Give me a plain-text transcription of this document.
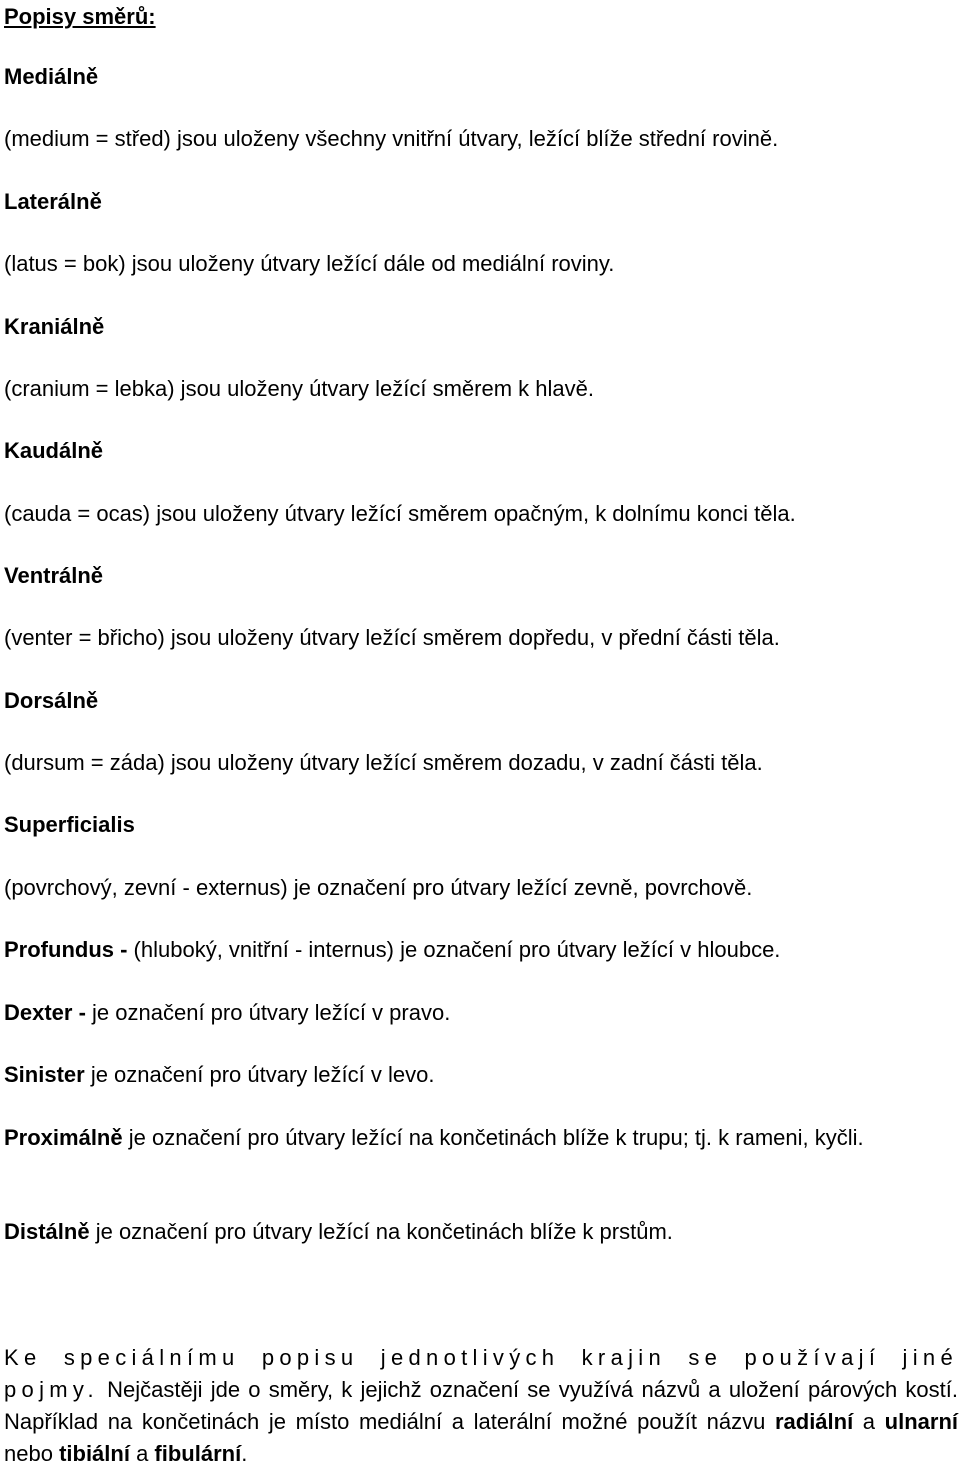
Popisy směrů:
Mediálně
(medium = střed) jsou uloženy všechny vnitřní útvary, ležící blíže střední rovině.
Laterálně
(latus = bok) jsou uloženy útvary ležící dále od mediální roviny.
Kraniálně
(cranium = lebka) jsou uloženy útvary ležící směrem k hlavě.
Kaudálně
(cauda = ocas) jsou uloženy útvary ležící směrem opačným, k dolnímu konci těla.
Ventrálně
(venter = břicho) jsou uloženy útvary ležící směrem dopředu, v přední části těla.
Dorsálně
(dursum = záda) jsou uloženy útvary ležící směrem dozadu, v zadní části těla.
Superficialis
(povrchový, zevní - externus) je označení pro útvary ležící zevně, povrchově.
Profundus - (hluboký, vnitřní - internus) je označení pro útvary ležící v hloubce.
Dexter - je označení pro útvary ležící v pravo.
Sinister je označení pro útvary ležící v levo.
Proximálně je označení pro útvary ležící na končetinách blíže k trupu; tj. k rameni, kyčli.
Distálně je označení pro útvary ležící na končetinách blíže k prstům.
Ke speciálnímu popisu jednotlivých krajin se používají jiné pojmy. Nejčastěji jde o směry, k jejichž označení se využívá názvů a uložení párových kostí. Například na končetinách je místo mediální a laterální možné použít názvu radiální a ulnarní nebo tibiální a fibulární.
